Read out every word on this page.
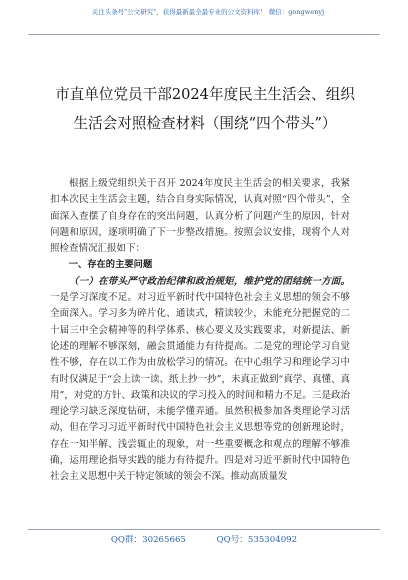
关注头条号"公文研究"，获得最新最全最专业的公文资料库！ 微信：gongwenyj
市直单位党员干部2024年度民主生活会、组织生活会对照检查材料（围绕“四个带头”）

根据上级党组织关于召开 2024年度民主生活会的相关要求，我紧扣本次民主生活会主题，结合自身实际情况，认真对照“四个带头”，全面深入查摆了自身存在的突出问题，认真分析了问题产生的原因，针对问题和原因，逐项明确了下一步整改措施。按照会议安排，现将个人对照检查情况汇报如下：

一、存在的主要问题

（一）在带头严守政治纪律和政治规矩，维护党的团结统一方面。一是学习深度不足。对习近平新时代中国特色社会主义思想的领会不够全面深入。学习多为碎片化、通读式，精读较少，未能充分把握党的二十届三中全会精神等的科学体系、核心要义及实践要求，对新提法、新论述的理解不够深刻，融会贯通能力有待提高。二是党的理论学习自觉性不够，存在以工作为由放松学习的情况。在中心组学习和理论学习中有时仅满足于“会上读一读、纸上抄一抄”，未真正做到“真学、真懂、真用”，对党的方针、政策和决议的学习投入的时间和精力不足。三是政治理论学习缺乏深度钻研，未能学懂弄通。虽然积极参加各类理论学习活动，但在学习习近平新时代中国特色社会主义思想等党的创新理论时，存在一知半解、浅尝辄止的现象，对一些重要概念和观点的理解不够准确，运用理论指导实践的能力有待提升。四是对习近平新时代中国特色社会主义思想中关于特定领域的领会不深。推动高质量发

QQ群：30265665	QQ号：535304092
